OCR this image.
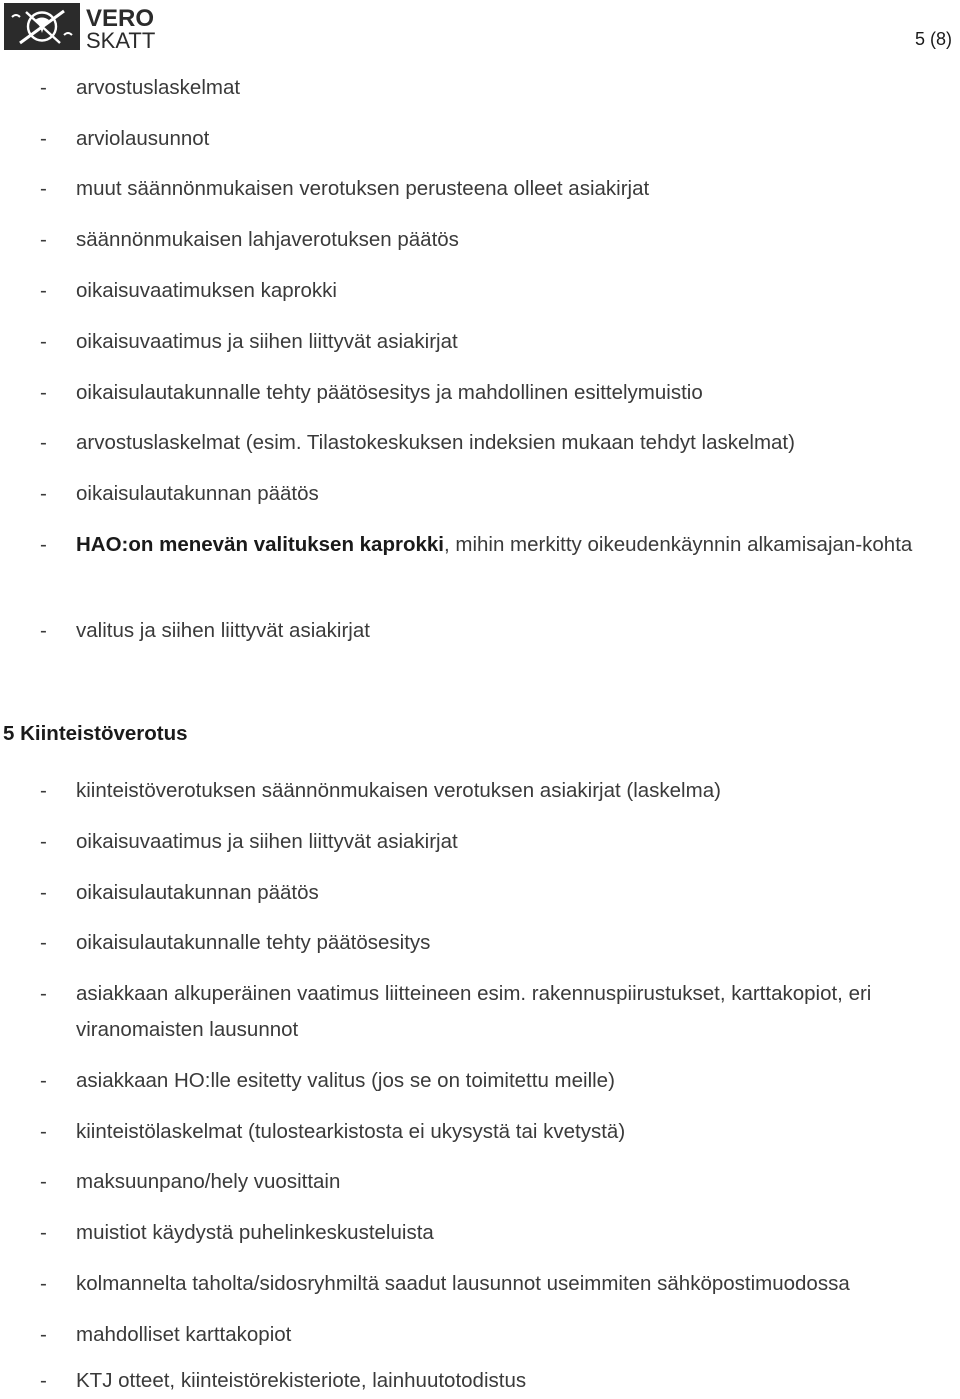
VERO
SKATT	5 (8)
- arvostuslaskelmat
- arviolausunnot
- muut säännönmukaisen verotuksen perusteena olleet asiakirjat
- säännönmukaisen lahjaverotuksen päätös
- oikaisuvaatimuksen kaprokki
- oikaisuvaatimus ja siihen liittyvät asiakirjat
- oikaisulautakunnalle tehty päätösesitys ja mahdollinen esittelymuistio
- arvostuslaskelmat (esim. Tilastokeskuksen indeksien mukaan tehdyt laskelmat)
- oikaisulautakunnan päätös
- HAO:on menevän valituksen kaprokki, mihin merkitty oikeudenkäynnin alkamisajan-kohta
- valitus ja siihen liittyvät asiakirjat
5 Kiinteistöverotus
- kiinteistöverotuksen säännönmukaisen verotuksen asiakirjat (laskelma)
- oikaisuvaatimus ja siihen liittyvät asiakirjat
- oikaisulautakunnan päätös
- oikaisulautakunnalle tehty päätösesitys
- asiakkaan alkuperäinen vaatimus liitteineen esim. rakennuspiirustukset, karttakopiot, eri viranomaisten lausunnot
- asiakkaan HO:lle esitetty valitus (jos se on toimitettu meille)
- kiinteistölaskelmat (tulostearkistosta ei ukysystä tai kvetystä)
- maksuunpano/hely vuosittain
- muistiot käydystä puhelinkeskusteluista
- kolmannelta taholta/sidosryhmiltä saadut lausunnot useimmiten sähköpostimuodossa
- mahdolliset karttakopiot
- KTJ otteet, kiinteistörekisteriote, lainhuutotodistus
